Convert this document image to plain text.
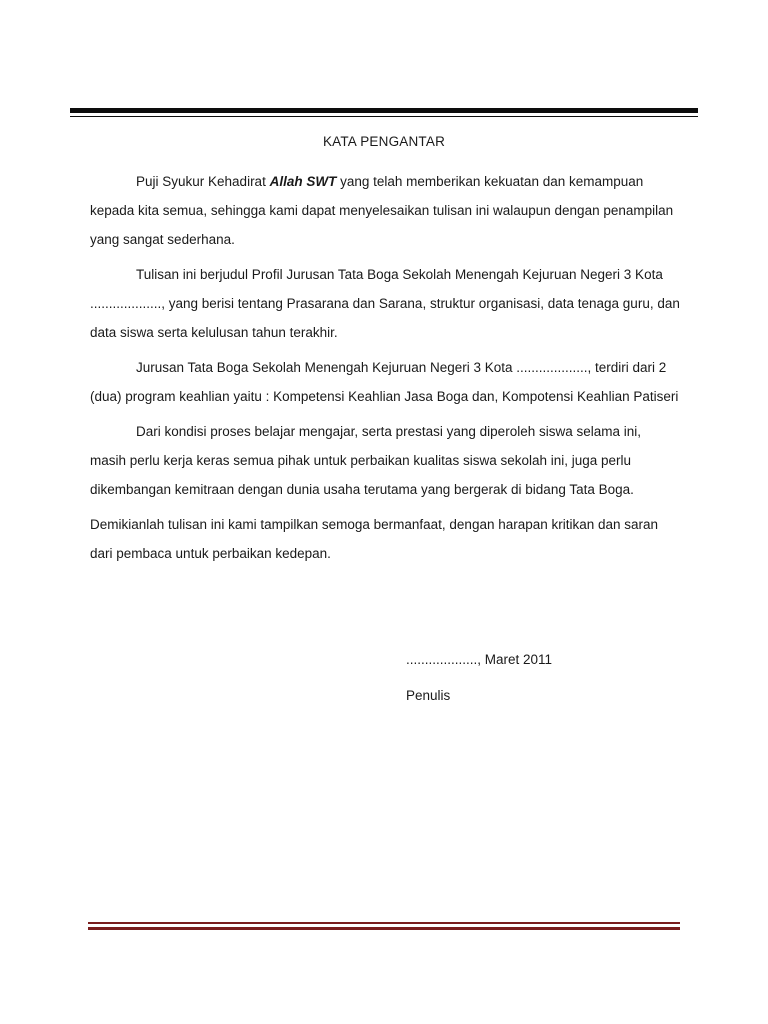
KATA PENGANTAR

Puji Syukur Kehadirat Allah SWT yang telah memberikan kekuatan dan kemampuan kepada kita semua, sehingga kami dapat menyelesaikan tulisan ini walaupun dengan penampilan yang sangat sederhana.

Tulisan ini berjudul Profil Jurusan Tata Boga Sekolah Menengah Kejuruan Negeri 3 Kota ..................., yang berisi tentang Prasarana dan Sarana, struktur organisasi, data tenaga guru, dan data siswa serta kelulusan tahun terakhir.

Jurusan Tata Boga Sekolah Menengah Kejuruan Negeri 3 Kota ..................., terdiri dari 2 (dua) program keahlian yaitu : Kompetensi Keahlian Jasa Boga dan, Kompotensi Keahlian Patiseri

Dari kondisi proses belajar mengajar, serta prestasi yang diperoleh siswa selama ini, masih perlu kerja keras semua pihak untuk perbaikan kualitas siswa sekolah ini, juga perlu dikembangan kemitraan dengan dunia usaha terutama yang bergerak di bidang Tata Boga.

Demikianlah tulisan ini kami tampilkan semoga bermanfaat, dengan harapan kritikan dan saran dari pembaca untuk perbaikan kedepan.

..................., Maret 2011
Penulis
